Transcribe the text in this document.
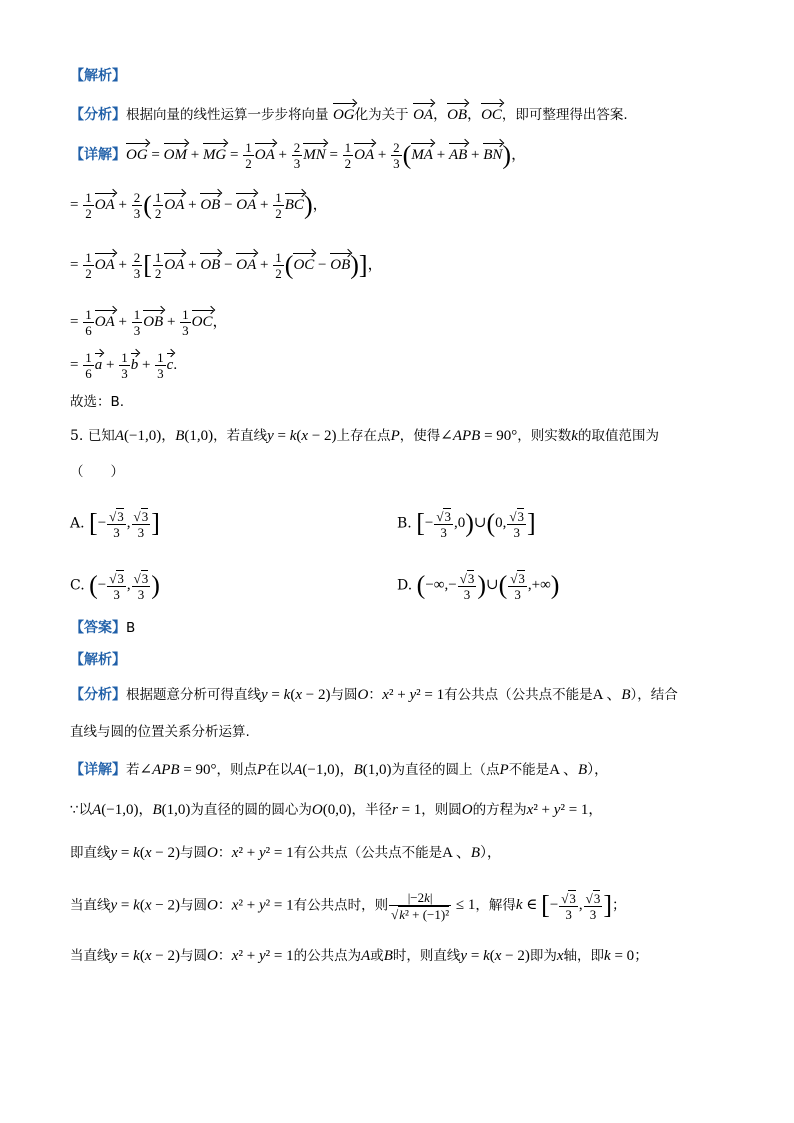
【解析】
【分析】根据向量的线性运算一步步将向量 OG化为关于 OA，OB，OC，即可整理得出答案.
【详解】OG = OM + MG = $\frac{1}{2}$ OA + $\frac{2}{3}$ MN = $\frac{1}{2}$ OA + $\frac{2}{3} (MA$ + AB + BN)，
= $\frac{1}{2}$ OA + $\frac{2}{3}$ ( $\frac{1}{2}$ OA + OB − OA + $\frac{1}{2} BC$)，
= $\frac{1}{2}$ OA + $\frac{2}{3}$ [ $\frac{1}{2}$ OA + OB − OA + $\frac{1}{2} (OC - OB)$]，
= $\frac{1}{6}$ OA + $\frac{1}{3}$ OB + $\frac{1}{3}$ OC，
= $\frac{1}{6}$ $a + \frac{1}{3}$ $b + \frac{1}{3} c$.
故选：B.
5. 已知A(−1,0)，B(1,0)，若直线y = k(x − 2)上存在点P，使得∠APB = 90°，则实数k的取值范围为
（　　）
A. [− $\frac{√3}{3}$ , $\frac{√3}{3}$ ]	B. [− $\frac{√3}{3}$ ,0)∪(0, $\frac{√3}{3}$ ]
C. (− $\frac{√3}{3}$ , $\frac{√3}{3}$ )	D. (−∞,− $\frac{√3}{3}$ )∪( $\frac{√3}{3}$ ,+∞)
【答案】B
【解析】
【分析】根据题意分析可得直线y = k(x − 2)与圆O：x² + y² = 1有公共点（公共点不能是A 、B），结合
直线与圆的位置关系分析运算.
【详解】若∠APB = 90°，则点P在以A(−1,0)，B(1,0)为直径的圆上（点P不能是A 、B），
∵以A(−1,0)，B(1,0)为直径的圆的圆心为O(0,0)，半径r = 1，则圆O的方程为x² + y² = 1，
即直线y = k(x − 2)与圆O：x² + y² = 1有公共点（公共点不能是A 、B），
当直线y = k(x − 2)与圆O：x² + y² = 1有公共点时，则 $\frac{|-2k|}{\text{√k² + (−1)²}} \le 1$，解得k ∈ [− $\frac{√3}{3}$ , $\frac{√3}{3}$ ]；
当直线y = k(x − 2)与圆O：x² + y² = 1的公共点为A或B时，则直线y = k(x − 2)即为x轴，即k = 0；
